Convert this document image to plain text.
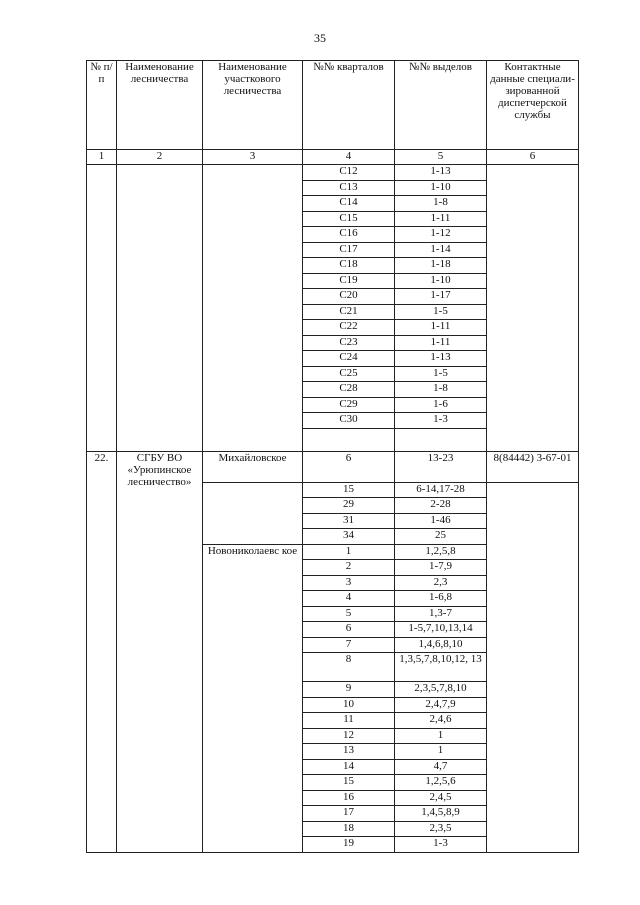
35
№ п/п	Наименование лесничества	Наименование участкового лесничества	№№ кварталов	№№ выделов	Контактные данные специали-зированной диспетчерской службы
1	2	3	4	5	6
			С12	1-13	
			С13	1-10	
			С14	1-8	
			С15	1-11	
			С16	1-12	
			С17	1-14	
			С18	1-18	
			С19	1-10	
			С20	1-17	
			С21	1-5	
			С22	1-11	
			С23	1-11	
			С24	1-13	
			С25	1-5	
			С28	1-8	
			С29	1-6	
			С30	1-3	

22.	СГБУ ВО «Урюпинское лесничество»	Михайловское	6	13-23	8(84442) 3-67-01
			15	6-14,17-28	
			29	2-28	
			31	1-46	
			34	25	
		Новониколаевс кое	1	1,2,5,8	
			2	1-7,9	
			3	2,3	
			4	1-6,8	
			5	1,3-7	
			6	1-5,7,10,13,14	
			7	1,4,6,8,10	
			8	1,3,5,7,8,10,12, 13	
			9	2,3,5,7,8,10	
			10	2,4,7,9	
			11	2,4,6	
			12	1	
			13	1	
			14	4,7	
			15	1,2,5,6	
			16	2,4,5	
			17	1,4,5,8,9	
			18	2,3,5	
			19	1-3	
